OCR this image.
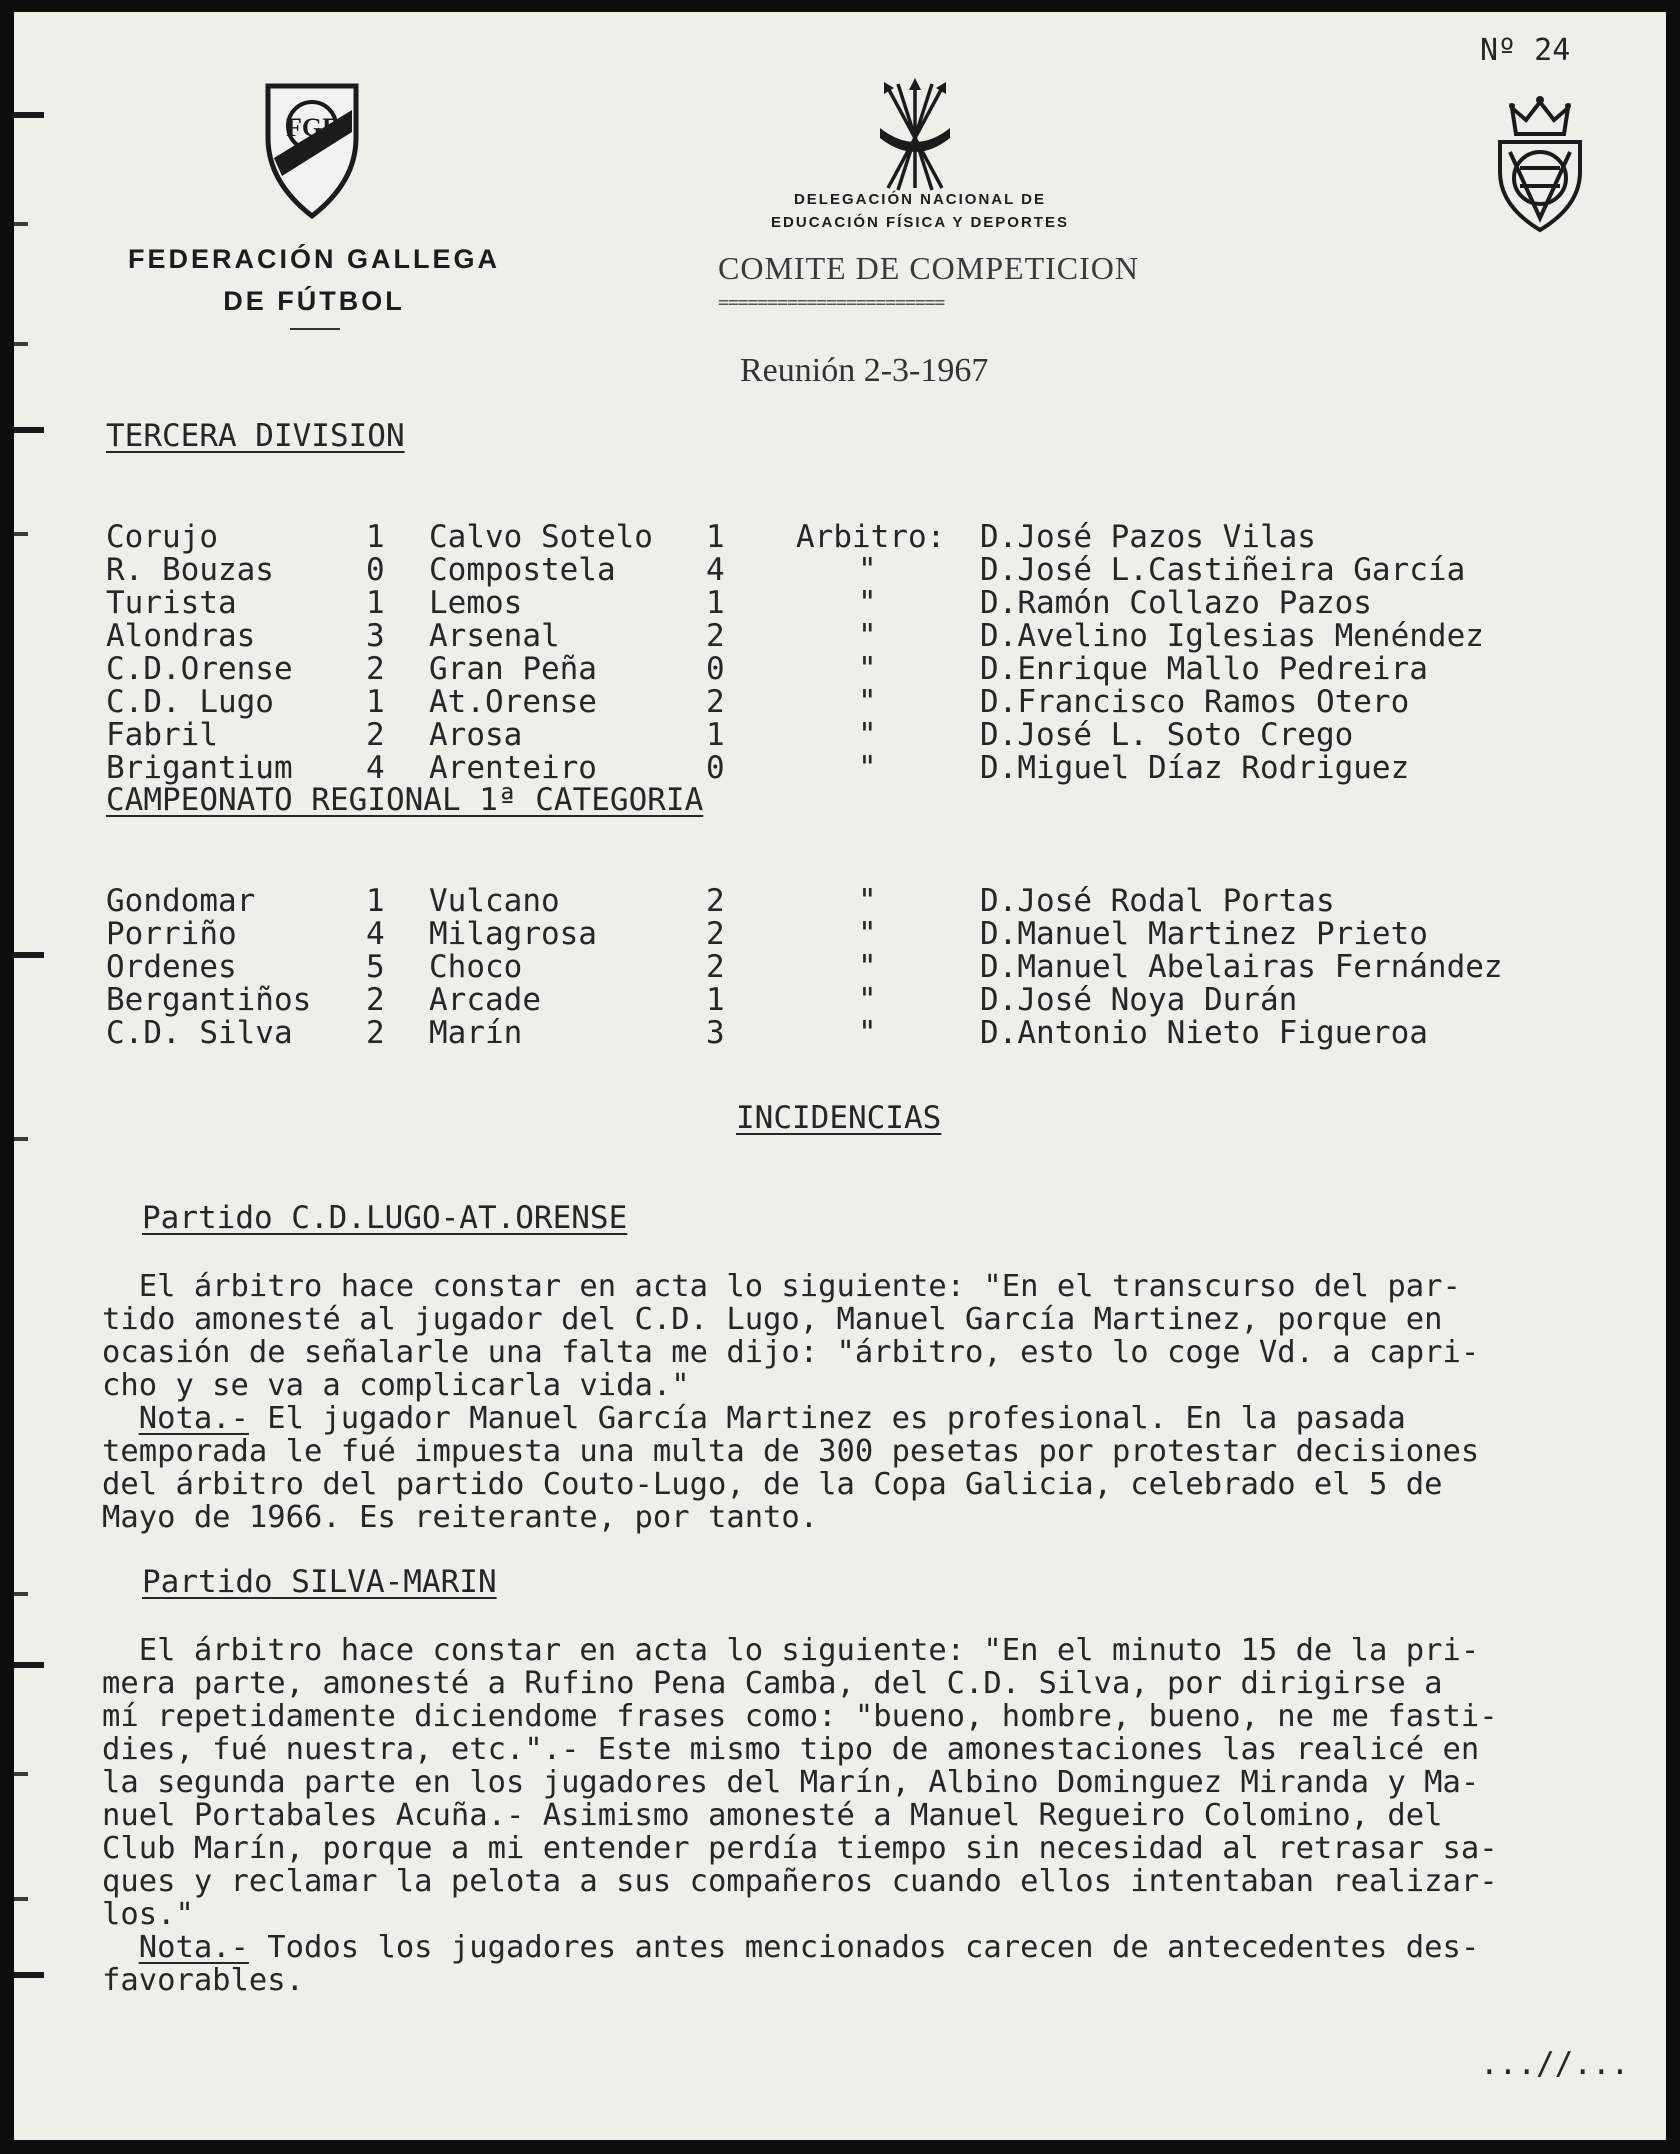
Nº 24
FGF
FEDERACIÓN GALLEGA
DE FÚTBOL
DELEGACIÓN NACIONAL DE
EDUCACIÓN FÍSICA Y DEPORTES
COMITE DE COMPETICION
=======================
Reunión 2-3-1967
TERCERA DIVISION

Corujo	1 Calvo Sotelo 1 Arbitro: D.José Pazos Vilas

R. Bouzas	0 Compostela	4	"	D.José L.Castiñeira García

Turista	1 Lemos	1	"	D.Ramón Collazo Pazos

Alondras	3 Arsenal	2	"	D.Avelino Iglesias Menéndez

C.D.Orense 2 Gran Peña	0	"	D.Enrique Mallo Pedreira

C.D. Lugo	1 At.Orense	2	"	D.Francisco Ramos Otero

Fabril	2 Arosa	1	"	D.José L. Soto Crego

Brigantium 4 Arenteiro	0	"	D.Miguel Díaz Rodriguez

CAMPEONATO REGIONAL 1ª CATEGORIA

Gondomar	1 Vulcano	2	"	D.José Rodal Portas

Porriño	4 Milagrosa	2	"	D.Manuel Martinez Prieto

Ordenes	5 Choco	2	"	D.Manuel Abelairas Fernández

Bergantiños 2 Arcade	1	"	D.José Noya Durán

C.D. Silva 2 Marín	3	"	D.Antonio Nieto Figueroa

INCIDENCIAS
Partido C.D.LUGO-AT.ORENSE
El árbitro hace constar en acta lo siguiente: "En el transcurso del par-
tido amonesté al jugador del C.D. Lugo, Manuel García Martinez, porque en
ocasión de señalarle una falta me dijo: "árbitro, esto lo coge Vd. a capri-
cho y se va a complicarla vida."
Nota.- El jugador Manuel García Martinez es profesional. En la pasada
temporada le fué impuesta una multa de 300 pesetas por protestar decisiones
del árbitro del partido Couto-Lugo, de la Copa Galicia, celebrado el 5 de
Mayo de 1966. Es reiterante, por tanto.
Partido SILVA-MARIN
El árbitro hace constar en acta lo siguiente: "En el minuto 15 de la pri-
mera parte, amonesté a Rufino Pena Camba, del C.D. Silva, por dirigirse a
mí repetidamente diciendome frases como: "bueno, hombre, bueno, ne me fasti-
dies, fué nuestra, etc.".- Este mismo tipo de amonestaciones las realicé en
la segunda parte en los jugadores del Marín, Albino Dominguez Miranda y Ma-
nuel Portabales Acuña.- Asimismo amonesté a Manuel Regueiro Colomino, del
Club Marín, porque a mi entender perdía tiempo sin necesidad al retrasar sa-
ques y reclamar la pelota a sus compañeros cuando ellos intentaban realizar-
los."
Nota.- Todos los jugadores antes mencionados carecen de antecedentes des-
favorables.
...//...
